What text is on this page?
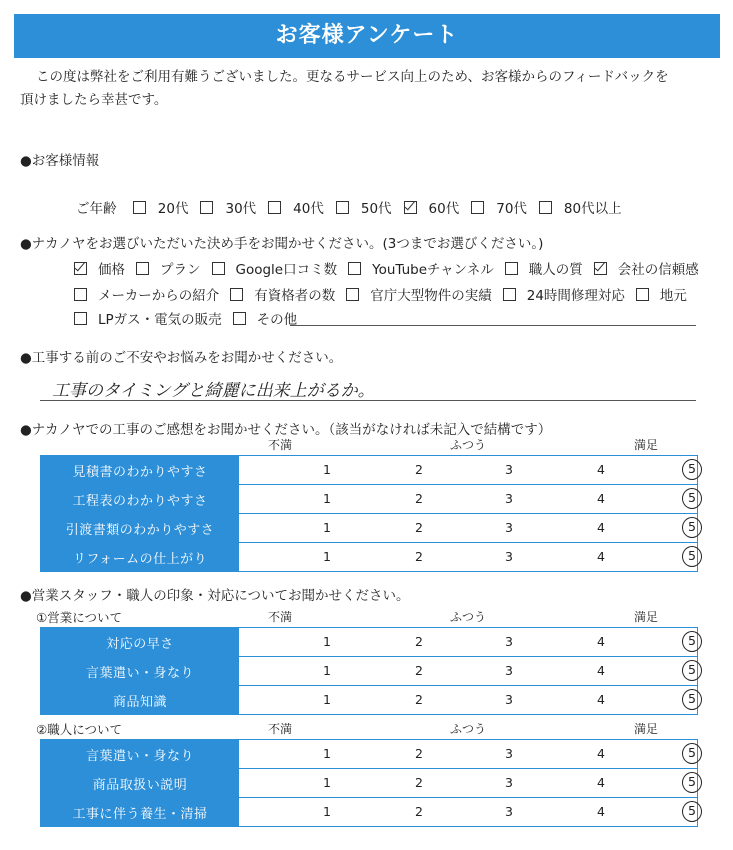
お客様アンケート
この度は弊社をご利用有難うございました。更なるサービス向上のため、お客様からのフィードバックを
頂けましたら幸甚です。
●お客様情報
ご年齢	20代	30代	40代	50代	60代	70代	80代以上
●ナカノヤをお選びいただいた決め手をお聞かせください。(3つまでお選びください。)
価格	プラン	Google口コミ数	YouTubeチャンネル	職人の質	会社の信頼感
メーカーからの紹介	有資格者の数	官庁大型物件の実績	24時間修理対応	地元
LPガス・電気の販売	その他
●工事する前のご不安やお悩みをお聞かせください。
工事のタイミングと綺麗に出来上がるか。
●ナカノヤでの工事のご感想をお聞かせください。（該当がなければ未記入で結構です）
不満	ふつう	満足
見積書のわかりやすさ	1	2	3	4	5
工程表のわかりやすさ	1	2	3	4	5
引渡書類のわかりやすさ	1	2	3	4	5
リフォームの仕上がり	1	2	3	4	5
●営業スタッフ・職人の印象・対応についてお聞かせください。
①営業について	不満	ふつう	満足
対応の早さ	1	2	3	4	5
言葉遣い・身なり	1	2	3	4	5
商品知識	1	2	3	4	5
②職人について	不満	ふつう	満足
言葉遣い・身なり	1	2	3	4	5
商品取扱い説明	1	2	3	4	5
工事に伴う養生・清掃	1	2	3	4	5
